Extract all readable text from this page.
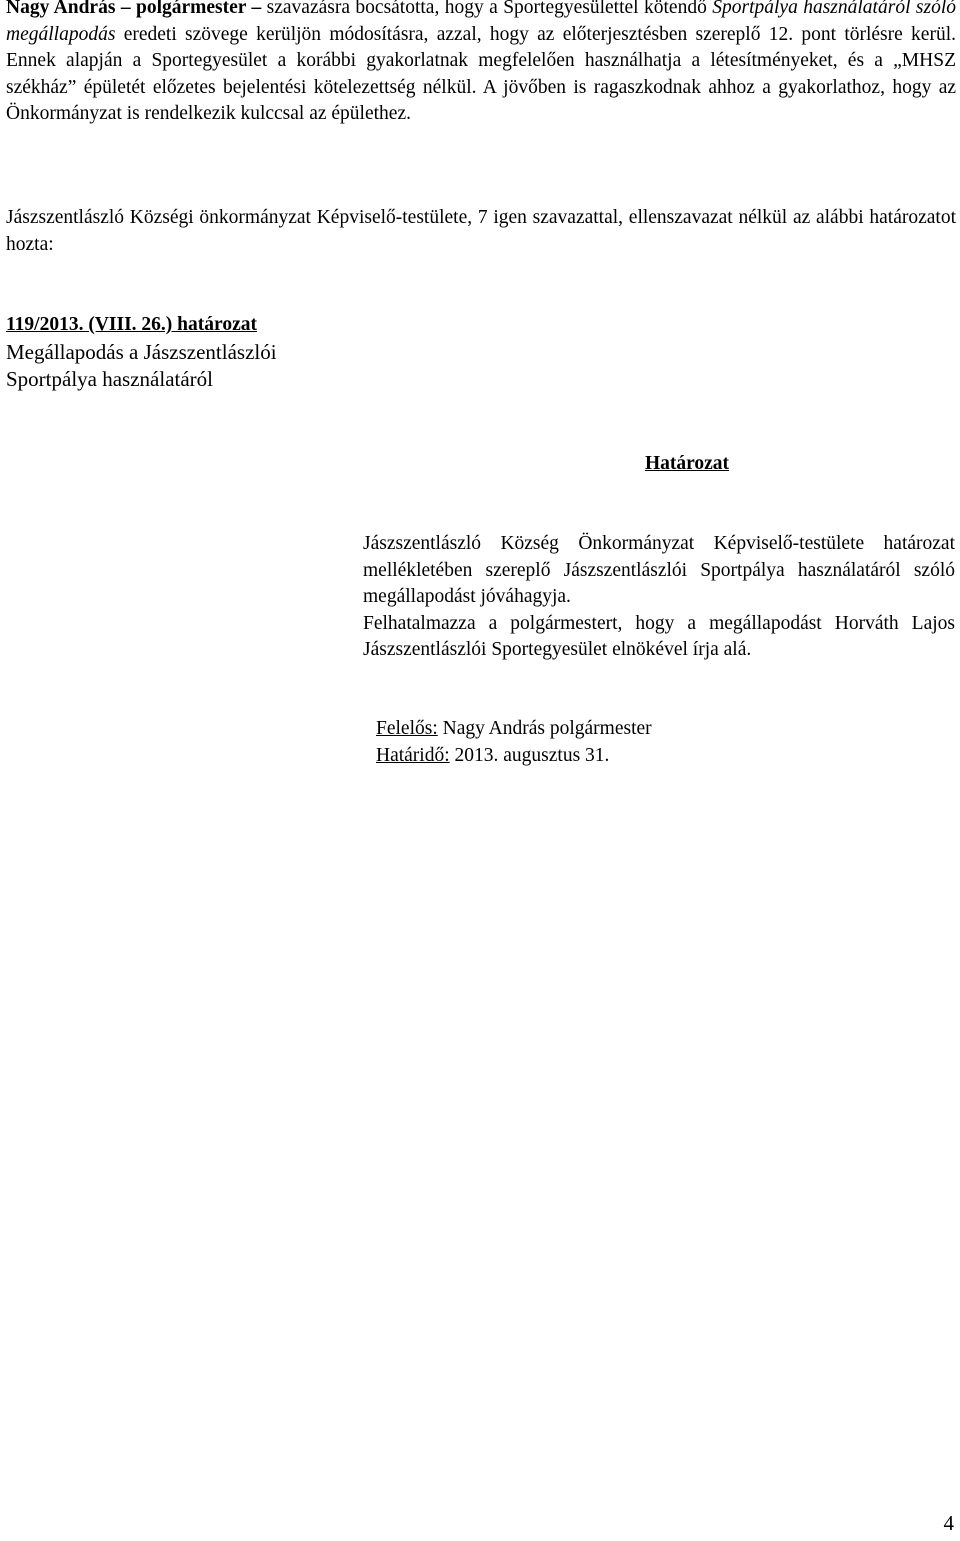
Nagy András – polgármester – szavazásra bocsátotta, hogy a Sportegyesülettel kötendő Sportpálya használatáról szóló megállapodás eredeti szövege kerüljön módosításra, azzal, hogy az előterjesztésben szereplő 12. pont törlésre kerül. Ennek alapján a Sportegyesület a korábbi gyakorlatnak megfelelően használhatja a létesítményeket, és a „MHSZ székház” épületét előzetes bejelentési kötelezettség nélkül. A jövőben is ragaszkodnak ahhoz a gyakorlathoz, hogy az Önkormányzat is rendelkezik kulccsal az épülethez.

Jászszentlászló Községi önkormányzat Képviselő-testülete, 7 igen szavazattal, ellenszavazat nélkül az alábbi határozatot hozta:

119/2013. (VIII. 26.) határozat

Megállapodás a Jászszentlászlói

Sportpálya használatáról

Határozat

Jászszentlászló Község Önkormányzat Képviselő-testülete határozat mellékletében szereplő Jászszentlászlói Sportpálya használatáról szóló megállapodást jóváhagyja.
Felhatalmazza a polgármestert, hogy a megállapodást Horváth Lajos Jászszentlászlói Sportegyesület elnökével írja alá.

Felelős: Nagy András polgármester

Határidő: 2013. augusztus 31.

4
